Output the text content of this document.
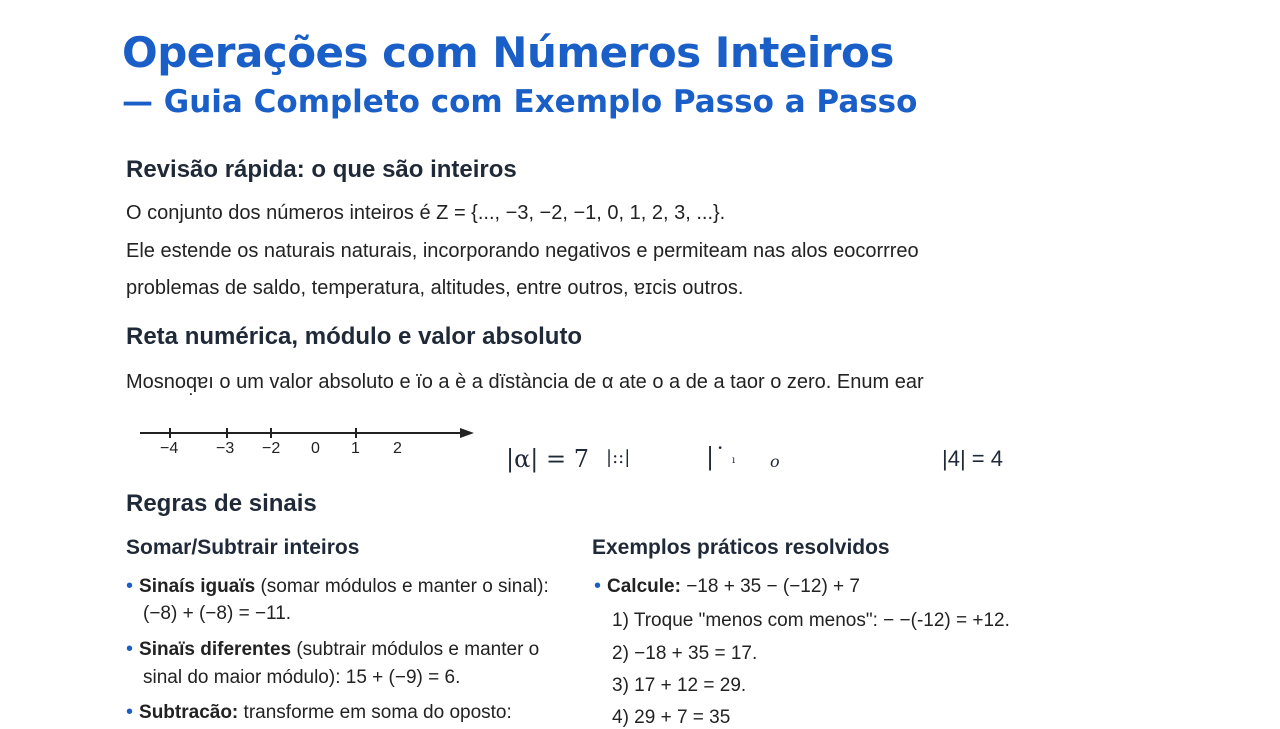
Operações com Números Inteiros
— Guia Completo com Exemplo Passo a Passo
Revisão rápida: o que são inteiros
O conjunto dos números inteiros é Z = {..., −3, −2, −1, 0, 1, 2, 3, ...}.
Ele estende os naturais naturais, incorporando negativos e permiteam nas alos eocorrreo
problemas de saldo, temperatura, altitudes, entre outros, ɐɪcis outros.
Reta numérica, módulo e valor absoluto
Mosnoq̣ɐı o um valor absoluto e ïo a è a dïstància de α ate o a de a taor o zero. Enum ear
−4 −3 −2 0 1 2	|α| = 7 |::|	|˙ ı o	|4| = 4
Regras de sinais
Somar/Subtrair inteiros
• Sinaís iguaïs (somar módulos e manter o sinal):
(−8) + (−8) = −11.
• Sinaïs diferentes (subtrair módulos e manter o
sinal do maior módulo): 15 + (−9) = 6.
• Subtracão: transforme em soma do oposto:
Exemplos práticos resolvidos
• Calcule: −18 + 35 − (−12) + 7
1) Troque "menos com menos": − −(-12) = +12.
2) −18 + 35 = 17.
3) 17 + 12 = 29.
4) 29 + 7 = 35
